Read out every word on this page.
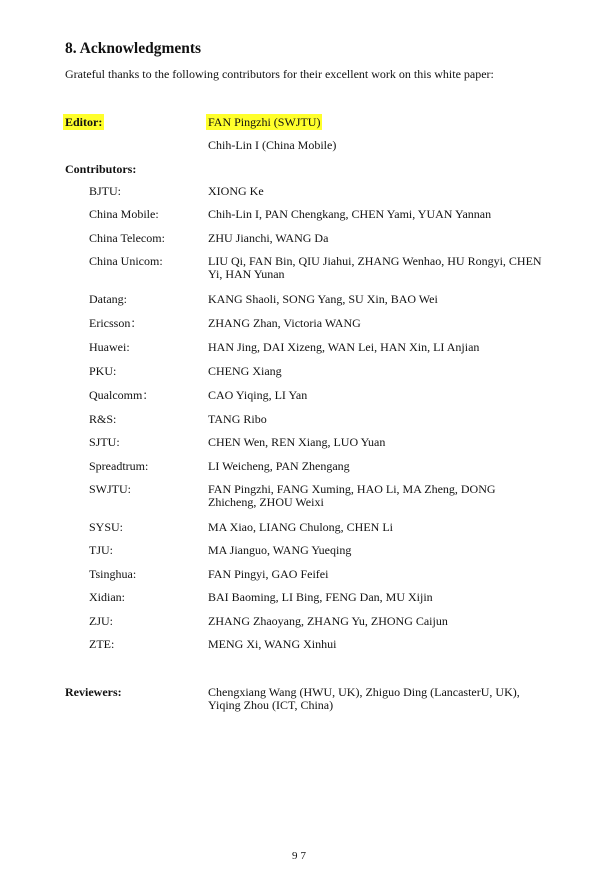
8. Acknowledgments
Grateful thanks to the following contributors for their excellent work on this white paper:
Editor:	FAN Pingzhi (SWJTU)
Chih-Lin I (China Mobile)
Contributors:
BJTU:	XIONG Ke
China Mobile:	Chih-Lin I, PAN Chengkang, CHEN Yami, YUAN Yannan
China Telecom:	ZHU Jianchi, WANG Da
China Unicom:	LIU Qi, FAN Bin, QIU Jiahui, ZHANG Wenhao, HU Rongyi, CHEN Yi, HAN Yunan
Datang:	KANG Shaoli, SONG Yang, SU Xin, BAO Wei
Ericsson：	ZHANG Zhan, Victoria WANG
Huawei:	HAN Jing, DAI Xizeng, WAN Lei, HAN Xin, LI Anjian
PKU:	CHENG Xiang
Qualcomm：	CAO Yiqing, LI Yan
R&S:	TANG Ribo
SJTU:	CHEN Wen, REN Xiang, LUO Yuan
Spreadtrum:	LI Weicheng, PAN Zhengang
SWJTU:	FAN Pingzhi, FANG Xuming, HAO Li, MA Zheng, DONG Zhicheng, ZHOU Weixi
SYSU:	MA Xiao, LIANG Chulong, CHEN Li
TJU:	MA Jianguo, WANG Yueqing
Tsinghua:	FAN Pingyi, GAO Feifei
Xidian:	BAI Baoming, LI Bing, FENG Dan, MU Xijin
ZJU:	ZHANG Zhaoyang, ZHANG Yu, ZHONG Caijun
ZTE:	MENG Xi, WANG Xinhui
Reviewers:	Chengxiang Wang (HWU, UK), Zhiguo Ding (LancasterU, UK), Yiqing Zhou (ICT, China)
97
